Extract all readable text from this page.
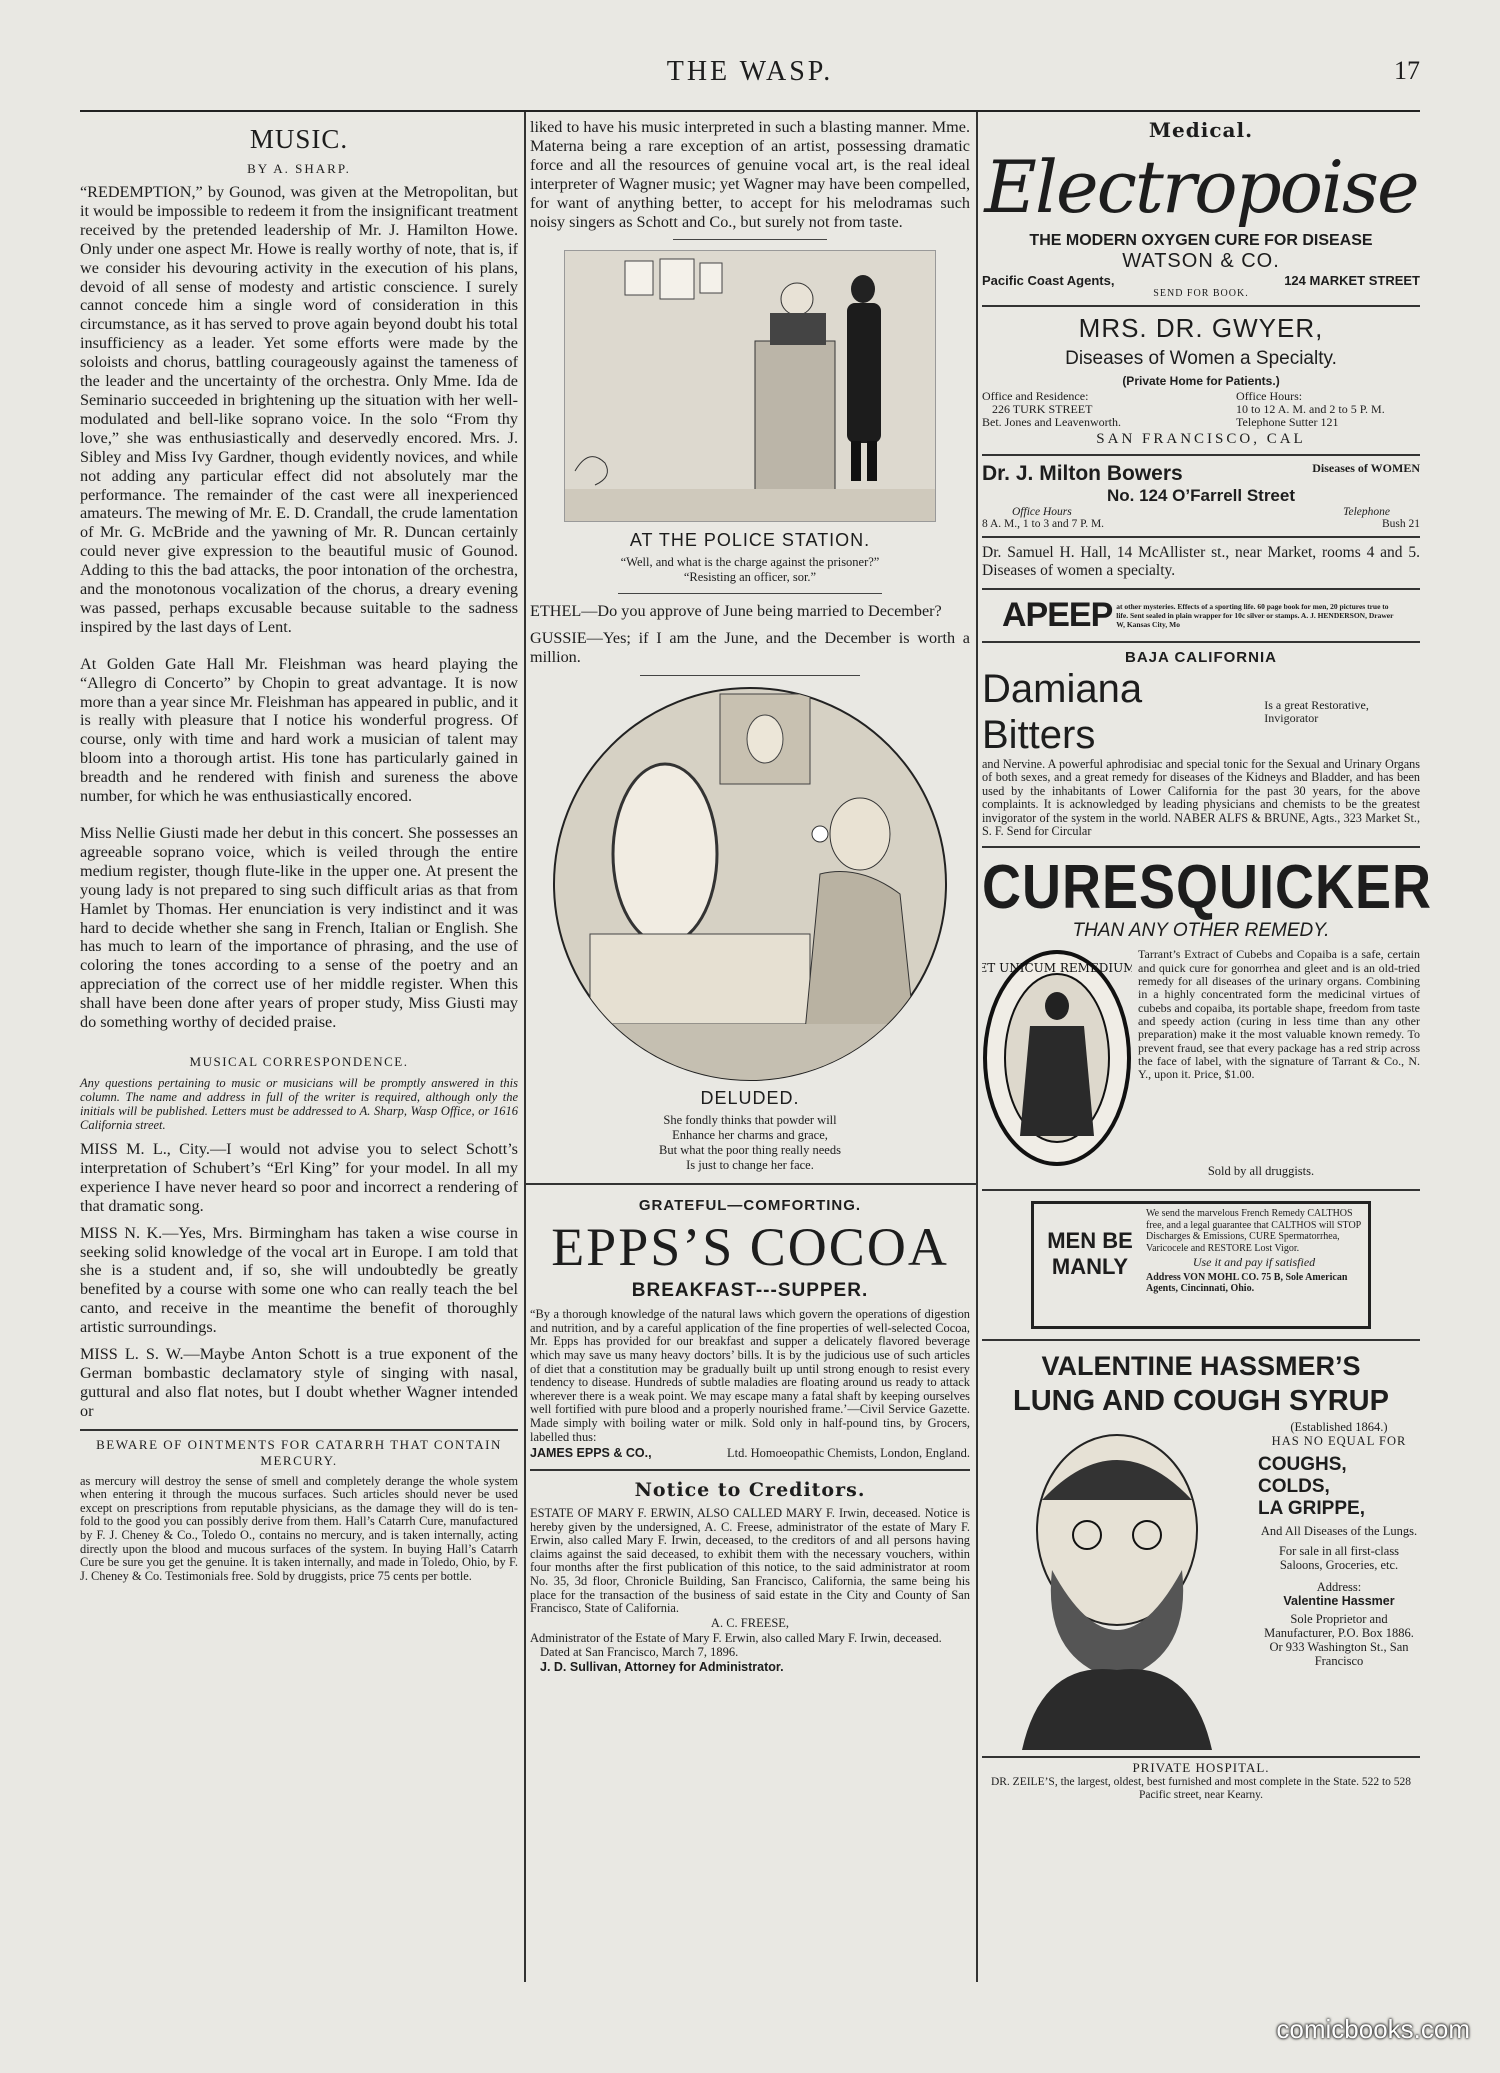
THE WASP.	17
MUSIC.
BY A. SHARP.

“REDEMPTION,” by Gounod, was given at the Metropolitan, but it would be impossible to redeem it from the insignificant treatment received by the pretended leadership of Mr. J. Hamilton Howe. Only under one aspect Mr. Howe is really worthy of note, that is, if we consider his devouring activity in the execution of his plans, devoid of all sense of modesty and artistic conscience. I surely cannot concede him a single word of consideration in this circumstance, as it has served to prove again beyond doubt his total insufficiency as a leader. Yet some efforts were made by the soloists and chorus, battling courageously against the tameness of the leader and the uncertainty of the orchestra. Only Mme. Ida de Seminario succeeded in brightening up the situation with her well-modulated and bell-like soprano voice. In the solo “From thy love,” she was enthusiastically and deservedly encored. Mrs. J. Sibley and Miss Ivy Gardner, though evidently novices, and while not adding any particular effect did not absolutely mar the performance. The remainder of the cast were all inexperienced amateurs. The mewing of Mr. E. D. Crandall, the crude lamentation of Mr. G. McBride and the yawning of Mr. R. Duncan certainly could never give expression to the beautiful music of Gounod. Adding to this the bad attacks, the poor intonation of the orchestra, and the monotonous vocalization of the chorus, a dreary evening was passed, perhaps excusable because suitable to the sadness inspired by the last days of Lent.

At Golden Gate Hall Mr. Fleishman was heard playing the “Allegro di Concerto” by Chopin to great advantage. It is now more than a year since Mr. Fleishman has appeared in public, and it is really with pleasure that I notice his wonderful progress. Of course, only with time and hard work a musician of talent may bloom into a thorough artist. His tone has particularly gained in breadth and he rendered with finish and sureness the above number, for which he was enthusiastically encored.

Miss Nellie Giusti made her debut in this concert. She possesses an agreeable soprano voice, which is veiled through the entire medium register, though flute-like in the upper one. At present the young lady is not prepared to sing such difficult arias as that from Hamlet by Thomas. Her enunciation is very indistinct and it was hard to decide whether she sang in French, Italian or English. She has much to learn of the importance of phrasing, and the use of coloring the tones according to a sense of the poetry and an appreciation of the correct use of her middle register. When this shall have been done after years of proper study, Miss Giusti may do something worthy of decided praise.

MUSICAL CORRESPONDENCE.

Any questions pertaining to music or musicians will be promptly answered in this column. The name and address in full of the writer is required, although only the initials will be published. Letters must be addressed to A. Sharp, Wasp Office, or 1616 California street.

MISS M. L., City.—I would not advise you to select Schott’s interpretation of Schubert’s “Erl King” for your model. In all my experience I have never heard so poor and incorrect a rendering of that dramatic song.

MISS N. K.—Yes, Mrs. Birmingham has taken a wise course in seeking solid knowledge of the vocal art in Europe. I am told that she is a student and, if so, she will undoubtedly be greatly benefited by a course with some one who can really teach the bel canto, and receive in the meantime the benefit of thoroughly artistic surroundings.

MISS L. S. W.—Maybe Anton Schott is a true exponent of the German bombastic declamatory style of singing with nasal, guttural and also flat notes, but I doubt whether Wagner intended or

BEWARE OF OINTMENTS FOR CATARRH THAT CONTAIN MERCURY.

as mercury will destroy the sense of smell and completely derange the whole system when entering it through the mucous surfaces. Such articles should never be used except on prescriptions from reputable physicians, as the damage they will do is ten-fold to the good you can possibly derive from them. Hall’s Catarrh Cure, manufactured by F. J. Cheney & Co., Toledo O., contains no mercury, and is taken internally, acting directly upon the blood and mucous surfaces of the system. In buying Hall’s Catarrh Cure be sure you get the genuine. It is taken internally, and made in Toledo, Ohio, by F. J. Cheney & Co. Testimonials free. Sold by druggists, price 75 cents per bottle.

liked to have his music interpreted in such a blasting manner. Mme. Materna being a rare exception of an artist, possessing dramatic force and all the resources of genuine vocal art, is the real ideal interpreter of Wagner music; yet Wagner may have been compelled, for want of anything better, to accept for his melodramas such noisy singers as Schott and Co., but surely not from taste.

AT THE POLICE STATION.
“Well, and what is the charge against the prisoner?”
“Resisting an officer, sor.”

ETHEL—Do you approve of June being married to December?

GUSSIE—Yes; if I am the June, and the December is worth a million.

DELUDED.
She fondly thinks that powder will
Enhance her charms and grace,
But what the poor thing really needs
Is just to change her face.
GRATEFUL—COMFORTING.
EPPS’S COCOA
BREAKFAST---SUPPER.

“By a thorough knowledge of the natural laws which govern the operations of digestion and nutrition, and by a careful application of the fine properties of well-selected Cocoa, Mr. Epps has provided for our breakfast and supper a delicately flavored beverage which may save us many heavy doctors’ bills. It is by the judicious use of such articles of diet that a constitution may be gradually built up until strong enough to resist every tendency to disease. Hundreds of subtle maladies are floating around us ready to attack wherever there is a weak point. We may escape many a fatal shaft by keeping ourselves well fortified with pure blood and a properly nourished frame.’—Civil Service Gazette. Made simply with boiling water or milk. Sold only in half-pound tins, by Grocers, labelled thus:

JAMES EPPS & CO.,	Ltd. Homoeopathic Chemists, London, England.
Notice to Creditors.

ESTATE OF MARY F. ERWIN, ALSO CALLED MARY F. Irwin, deceased. Notice is hereby given by the undersigned, A. C. Freese, administrator of the estate of Mary F. Erwin, also called Mary F. Irwin, deceased, to the creditors of and all persons having claims against the said deceased, to exhibit them with the necessary vouchers, within four months after the first publication of this notice, to the said administrator at room No. 35, 3d floor, Chronicle Building, San Francisco, California, the same being his place for the transaction of the business of said estate in the City and County of San Francisco, State of California.

A. C. FREESE,
Administrator of the Estate of Mary F. Erwin, also called Mary F. Irwin, deceased.
Dated at San Francisco, March 7, 1896.
J. D. Sullivan, Attorney for Administrator.
Medical.
Electropoise
THE MODERN OXYGEN CURE FOR DISEASE
WATSON & CO.
Pacific Coast Agents,	124 MARKET STREET
SEND FOR BOOK.
MRS. DR. GWYER,
Diseases of Women a Specialty.
(Private Home for Patients.)
Office and Residence:	Office Hours:
226 TURK STREET	10 to 12 A. M. and 2 to 5 P. M.
Bet. Jones and Leavenworth.	Telephone Sutter 121
SAN FRANCISCO, CAL
Dr. J. Milton Bowers	Diseases of WOMEN
No. 124 O’Farrell Street
Office Hours	Telephone
8 A. M., 1 to 3 and 7 P. M.	Bush 21

Dr. Samuel H. Hall, 14 McAllister st., near Market, rooms 4 and 5. Diseases of women a specialty.

APEEP at other mysteries. Effects of a sporting life. 60 page book for men, 20 pictures true to life. Sent sealed in plain wrapper for 10c silver or stamps. A. J. HENDERSON, Drawer W, Kansas City, Mo
BAJA CALIFORNIA
Damiana Bitters
Is a great Restorative, Invigorator

and Nervine. A powerful aphrodisiac and special tonic for the Sexual and Urinary Organs of both sexes, and a great remedy for diseases of the Kidneys and Bladder, and has been used by the inhabitants of Lower California for the past 30 years, for the above complaints. It is acknowledged by leading physicians and chemists to be the greatest invigorator of the system in the world. NABER ALFS & BRUNE, Agts., 323 Market St., S. F. Send for Circular

CURES QUICKER
THAN ANY OTHER REMEDY.
ET UNICUM REMEDIUM

Tarrant’s Extract of Cubebs and Copaiba is a safe, certain and quick cure for gonorrhea and gleet and is an old-tried remedy for all diseases of the urinary organs. Combining in a highly concentrated form the medicinal virtues of cubebs and copaiba, its portable shape, freedom from taste and speedy action (curing in less time than any other preparation) make it the most valuable known remedy. To prevent fraud, see that every package has a red strip across the face of label, with the signature of Tarrant & Co., N. Y., upon it. Price, $1.00.

Sold by all druggists.
MEN BE MANLY
We send the marvelous French Remedy CALTHOS free, and a legal guarantee that CALTHOS will STOP Discharges & Emissions, CURE Spermatorrhea, Varicocele and RESTORE Lost Vigor.
Use it and pay if satisfied
Address VON MOHL CO. 75 B, Sole American Agents, Cincinnati, Ohio.
VALENTINE HASSMER’S
LUNG AND COUGH SYRUP
(Established 1864.)
HAS NO EQUAL FOR
COUGHS,
COLDS,
LA GRIPPE,
And All Diseases of the Lungs.
For sale in all first-class Saloons, Groceries, etc.
Address:
Valentine Hassmer
Sole Proprietor and Manufacturer, P.O. Box 1886. Or 933 Washington St., San Francisco
PRIVATE HOSPITAL.
DR. ZEILE’S, the largest, oldest, best furnished and most complete in the State. 522 to 528 Pacific street, near Kearny.
comicbooks.com
